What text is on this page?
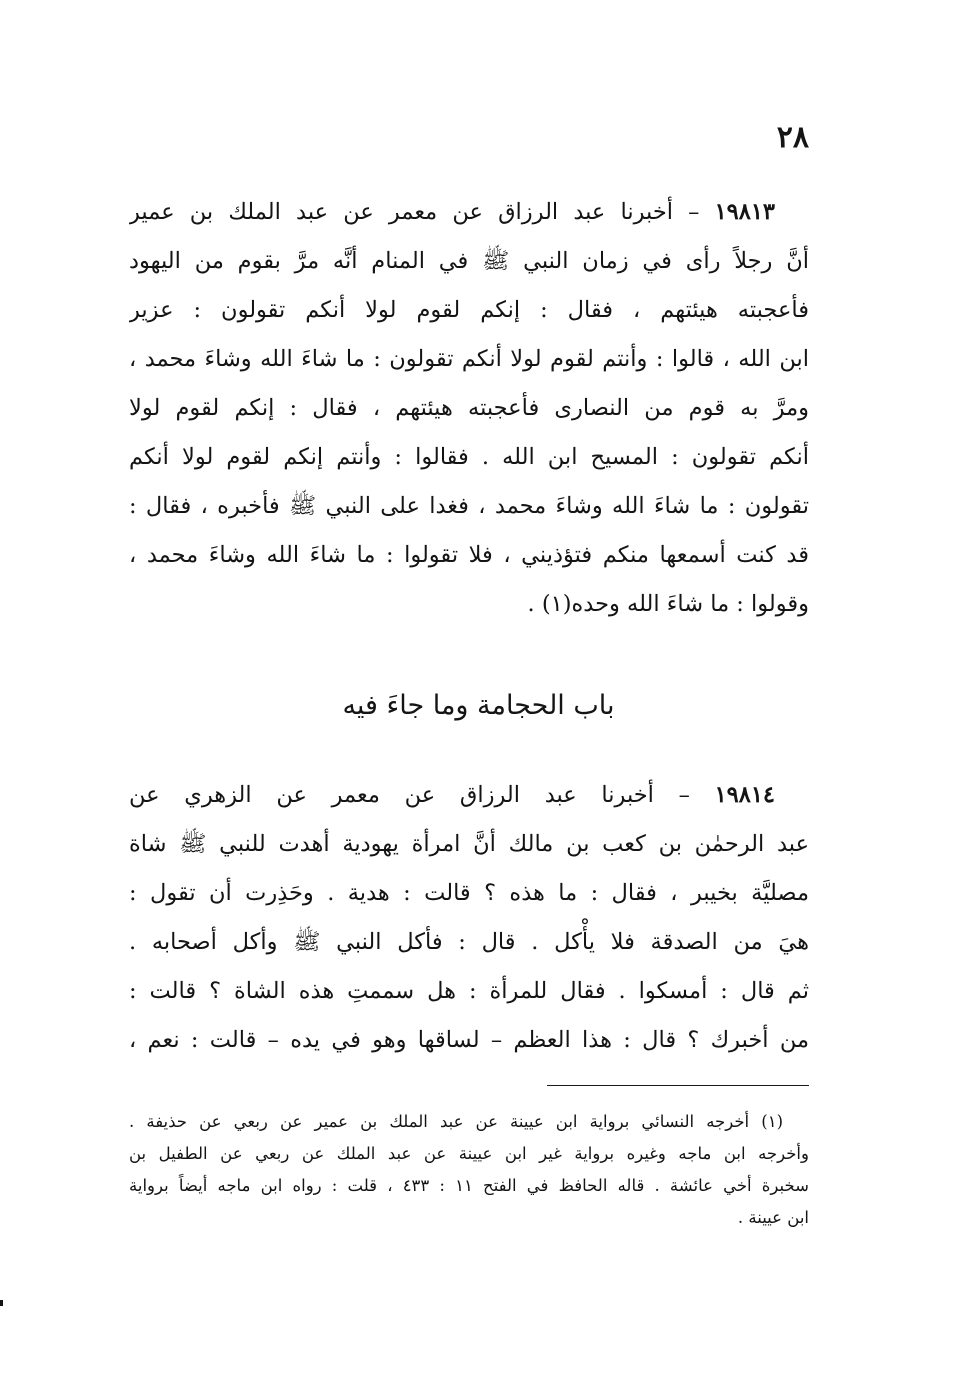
٢٨
١٩٨١٣ – أخبرنا عبد الرزاق عن معمر عن عبد الملك بن عمير
أنَّ رجلاً رأى في زمان النبي ﷺ في المنام أنَّه مرَّ بقوم من اليهود
فأعجبته هيئتهم ، فقال : إنكم لقوم لولا أنكم تقولون : عزير
ابن الله ، قالوا : وأنتم لقوم لولا أنكم تقولون : ما شاءَ الله وشاءَ محمد ،
ومرَّ به قوم من النصارى فأعجبته هيئتهم ، فقال : إنكم لقوم لولا
أنكم تقولون : المسيح ابن الله . فقالوا : وأنتم إنكم لقوم لولا أنكم
تقولون : ما شاءَ الله وشاءَ محمد ، فغدا على النبي ﷺ فأخبره ، فقال :
قد كنت أسمعها منكم فتؤذيني ، فلا تقولوا : ما شاءَ الله وشاءَ محمد ،
وقولوا : ما شاءَ الله وحده(١) .
باب الحجامة وما جاءَ فيه
١٩٨١٤ – أخبرنا عبد الرزاق عن معمر عن الزهري عن
عبد الرحمٰن بن كعب بن مالك أنَّ امرأة يهودية أهدت للنبي ﷺ شاة
مصليَّة بخيبر ، فقال : ما هذه ؟ قالت : هدية . وحَذِرت أن تقول :
هيَ من الصدقة فلا يأْكل . قال : فأكل النبي ﷺ وأكل أصحابه .
ثم قال : أمسكوا . فقال للمرأة : هل سممتِ هذه الشاة ؟ قالت :
من أخبرك ؟ قال : هذا العظم – لساقها وهو في يده – قالت : نعم ،
(١) أخرجه النسائي برواية ابن عيينة عن عبد الملك بن عمير عن ربعي عن حذيفة .
وأخرجه ابن ماجه وغيره برواية غير ابن عيينة عن عبد الملك عن ربعي عن الطفيل بن
سخبرة أخي عائشة . قاله الحافظ في الفتح ١١ : ٤٣٣ ، قلت : رواه ابن ماجه أيضاً برواية
ابن عيينة .
